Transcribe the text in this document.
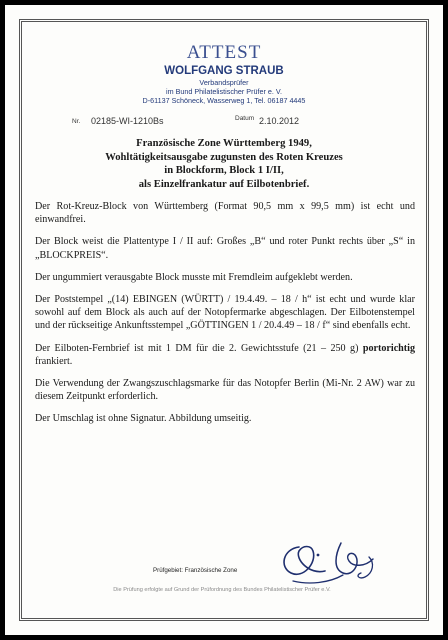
ATTEST
WOLFGANG STRAUB
Verbandsprüfer
im Bund Philatelistischer Prüfer e. V.
D-61137 Schöneck, Wasserweg 1, Tel. 06187 4445
Nr. 02185-WI-1210Bs	Datum 2.10.2012
Französische Zone Württemberg 1949,
Wohltätigkeitsausgabe zugunsten des Roten Kreuzes
in Blockform, Block 1 I/II,
als Einzelfrankatur auf Eilbotenbrief.

Der Rot-Kreuz-Block von Württemberg (Format 90,5 mm x 99,5 mm) ist echt und einwandfrei.

Der Block weist die Plattentype I / II auf: Großes „B“ und roter Punkt rechts über „S“ in „BLOCKPREIS“.

Der ungummiert verausgabte Block musste mit Fremdleim aufgeklebt werden.

Der Poststempel „(14) EBINGEN (WÜRTT) / 19.4.49. – 18 / h“ ist echt und wurde klar sowohl auf dem Block als auch auf der Notopfermarke abgeschlagen. Der Eilbotenstempel und der rückseitige Ankunftsstempel „GÖTTINGEN 1 / 20.4.49 – 18 / f“ sind ebenfalls echt.

Der Eilboten-Fernbrief ist mit 1 DM für die 2. Gewichtsstufe (21 – 250 g) portorichtig frankiert.

Die Verwendung der Zwangszuschlagsmarke für das Notopfer Berlin (Mi-Nr. 2 AW) war zu diesem Zeitpunkt erforderlich.

Der Umschlag ist ohne Signatur. Abbildung umseitig.

Prüfgebiet: Französische Zone
Die Prüfung erfolgte auf Grund der Prüfordnung des Bundes Philatelistischer Prüfer e.V.
